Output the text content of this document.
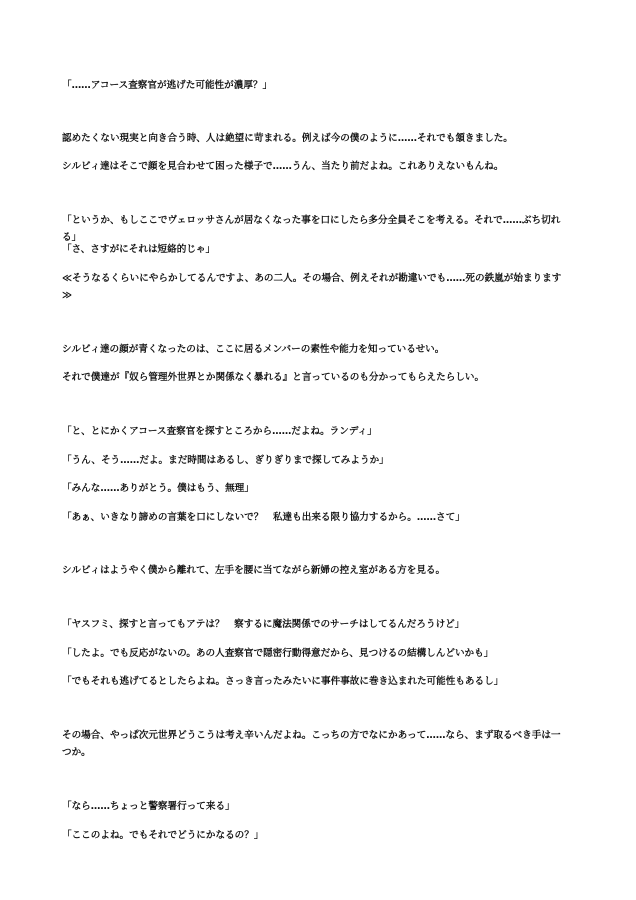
「……アコース査察官が逃げた可能性が濃厚？」
認めたくない現実と向き合う時、人は絶望に苛まれる。例えば今の僕のように……それでも頷きました。
シルビィ達はそこで顔を見合わせて困った様子で……うん、当たり前だよね。これありえないもんね。
「というか、もしここでヴェロッサさんが居なくなった事を口にしたら多分全員そこを考える。それで……ぶち切れる」
「さ、さすがにそれは短絡的じゃ」
≪そうなるくらいにやらかしてるんですよ、あの二人。その場合、例えそれが勘違いでも……死の鉄嵐が始まります≫
シルビィ達の顔が青くなったのは、ここに居るメンバーの素性や能力を知っているせい。
それで僕達が『奴ら管理外世界とか関係なく暴れる』と言っているのも分かってもらえたらしい。
「と、とにかくアコース査察官を探すところから……だよね。ランディ」
「うん、そう……だよ。まだ時間はあるし、ぎりぎりまで探してみようか」
「みんな……ありがとう。僕はもう、無理」
「あぁ、いきなり諦めの言葉を口にしないで？　私達も出来る限り協力するから。……さて」
シルビィはようやく僕から離れて、左手を腰に当てながら新婦の控え室がある方を見る。
「ヤスフミ、探すと言ってもアテは？　察するに魔法関係でのサーチはしてるんだろうけど」
「したよ。でも反応がないの。あの人査察官で隠密行動得意だから、見つけるの結構しんどいかも」
「でもそれも逃げてるとしたらよね。さっき言ったみたいに事件事故に巻き込まれた可能性もあるし」
その場合、やっぱ次元世界どうこうは考え辛いんだよね。こっちの方でなにかあって……なら、まず取るべき手は一つか。
「なら……ちょっと警察署行って来る」
「ここのよね。でもそれでどうにかなるの？」
